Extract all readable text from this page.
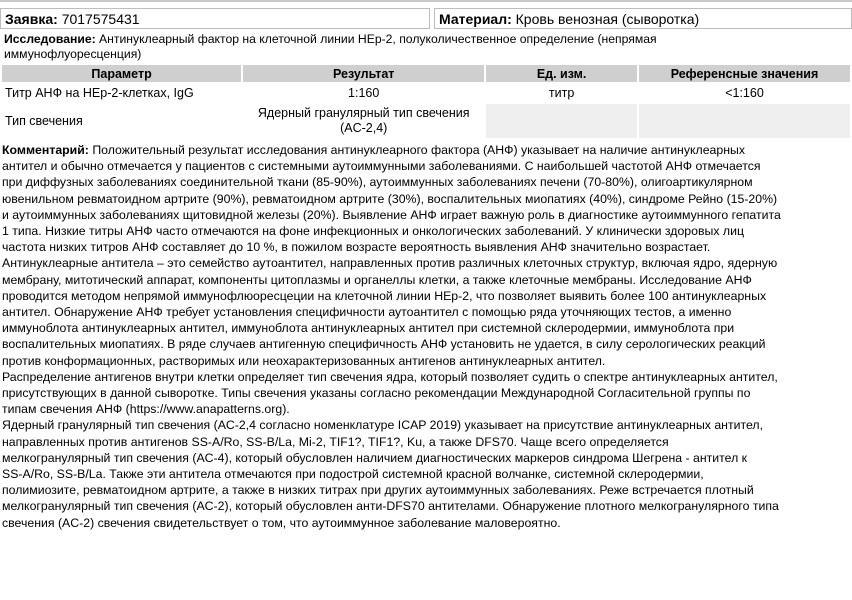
Заявка: 7017575431	Материал: Кровь венозная (сыворотка)
Исследование: Антинуклеарный фактор на клеточной линии HEp-2, полуколичественное определение (непрямая
иммунофлуоресценция)
Параметр	Результат	Ед. изм.	Референсные значения
Титр АНФ на HEp-2-клетках, IgG	1:160	титр	<1:160
Тип свечения	Ядерный гранулярный тип свечения
(AC-2,4)		

Комментарий: Положительный результат исследования антинуклеарного фактора (АНФ) указывает на наличие антинуклеарных

антител и обычно отмечается у пациентов с системными аутоиммунными заболеваниями. С наибольшей частотой АНФ отмечается

при диффузных заболеваниях соединительной ткани (85-90%), аутоиммунных заболеваниях печени (70-80%), олигоартикулярном

ювенильном ревматоидном артрите (90%), ревматоидном артрите (30%), воспалительных миопатиях (40%), синдроме Рейно (15-20%)

и аутоиммунных заболеваниях щитовидной железы (20%). Выявление АНФ играет важную роль в диагностике аутоиммунного гепатита

1 типа. Низкие титры АНФ часто отмечаются на фоне инфекционных и онкологических заболеваний. У клинически здоровых лиц

частота низких титров АНФ составляет до 10 %, в пожилом возрасте вероятность выявления АНФ значительно возрастает.

Антинуклеарные антитела – это семейство аутоантител, направленных против различных клеточных структур, включая ядро, ядерную

мембрану, митотический аппарат, компоненты цитоплазмы и органеллы клетки, а также клеточные мембраны. Исследование АНФ

проводится методом непрямой иммунофлюоресцеции на клеточной линии HEp-2, что позволяет выявить более 100 антинуклеарных

антител. Обнаружение АНФ требует установления специфичности аутоантител с помощью ряда уточняющих тестов, а именно

иммуноблота антинуклеарных антител, иммуноблота антинуклеарных антител при системной склеродермии, иммуноблота при

воспалительных миопатиях. В ряде случаев антигенную специфичность АНФ установить не удается, в силу серологических реакций

против конформационных, растворимых или неохарактеризованных антигенов антинуклеарных антител.

Распределение антигенов внутри клетки определяет тип свечения ядра, который позволяет судить о спектре антинуклеарных антител,

присутствующих в данной сыворотке. Типы свечения указаны согласно рекомендации Международной Согласительной группы по

типам свечения АНФ (https://www.anapatterns.org).

Ядерный гранулярный тип свечения (AC-2,4 согласно номенклатуре ICAP 2019) указывает на присутствие антинуклеарных антител,

направленных против антигенов SS-A/Ro, SS-B/La, Mi-2, TIF1?, TIF1?, Ku, а также DFS70. Чаще всего определяется

мелкогранулярный тип свечения (AC-4), который обусловлен наличием диагностических маркеров синдрома Шегрена - антител к

SS-A/Ro, SS-B/La. Также эти антитела отмечаются при подострой системной красной волчанке, системной склеродермии,

полимиозите, ревматоидном артрите, а также в низких титрах при других аутоиммунных заболеваниях. Реже встречается плотный

мелкогранулярный тип свечения (AC-2), который обусловлен анти-DFS70 антителами. Обнаружение плотного мелкогранулярного типа

свечения (AC-2) свечения свидетельствует о том, что аутоиммунное заболевание маловероятно.
